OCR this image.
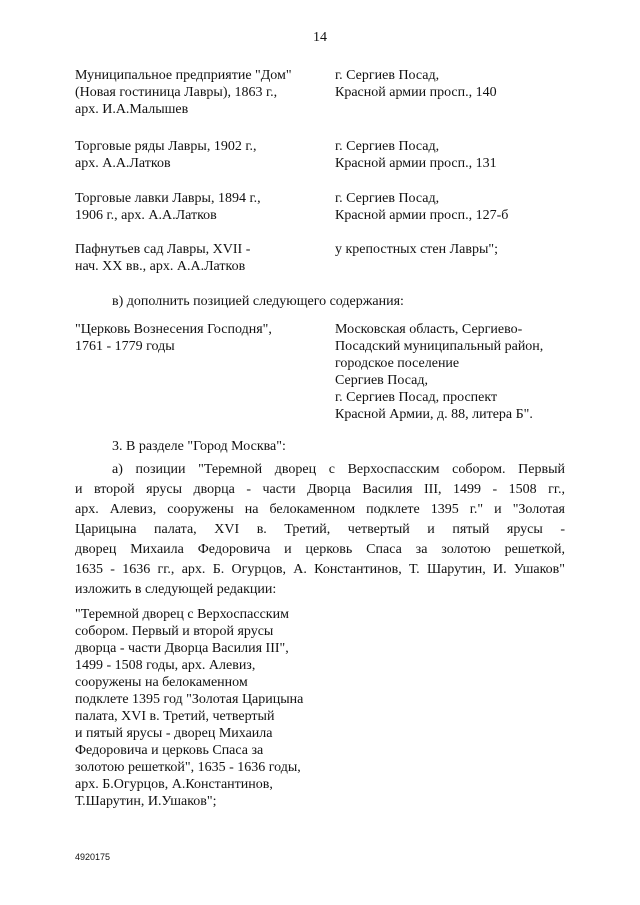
14
Муниципальное предприятие "Дом"
(Новая гостиница Лавры), 1863 г.,
арх. И.А.Малышев
г. Сергиев Посад,
Красной армии просп., 140
Торговые ряды Лавры, 1902 г.,
арх. А.А.Латков
г. Сергиев Посад,
Красной армии просп., 131
Торговые лавки Лавры, 1894 г.,
1906 г., арх. А.А.Латков
г. Сергиев Посад,
Красной армии просп., 127-б
Пафнутьев сад Лавры, XVII -
нач. XX вв., арх. А.А.Латков
у крепостных стен Лавры";
в) дополнить позицией следующего содержания:
"Церковь Вознесения Господня",
1761 - 1779 годы
Московская область, Сергиево-
Посадский муниципальный район,
городское поселение
Сергиев Посад,
г. Сергиев Посад, проспект
Красной Армии, д. 88, литера Б".
3. В разделе "Город Москва":
а) позиции "Теремной дворец с Верхоспасским собором. Первый
и второй ярусы дворца - части Дворца Василия III, 1499 - 1508 гг.,
арх. Алевиз, сооружены на белокаменном подклете 1395 г." и "Золотая
Царицына палата, XVI в. Третий, четвертый и пятый ярусы -
дворец Михаила Федоровича и церковь Спаса за золотою решеткой,
1635 - 1636 гг., арх. Б. Огурцов, А. Константинов, Т. Шарутин, И. Ушаков"
изложить в следующей редакции:
"Теремной дворец с Верхоспасским
собором. Первый и второй ярусы
дворца - части Дворца Василия III",
1499 - 1508 годы, арх. Алевиз,
сооружены на белокаменном
подклете 1395 год "Золотая Царицына
палата, XVI в. Третий, четвертый
и пятый ярусы - дворец Михаила
Федоровича и церковь Спаса за
золотою решеткой", 1635 - 1636 годы,
арх. Б.Огурцов, А.Константинов,
Т.Шарутин, И.Ушаков";
4920175
